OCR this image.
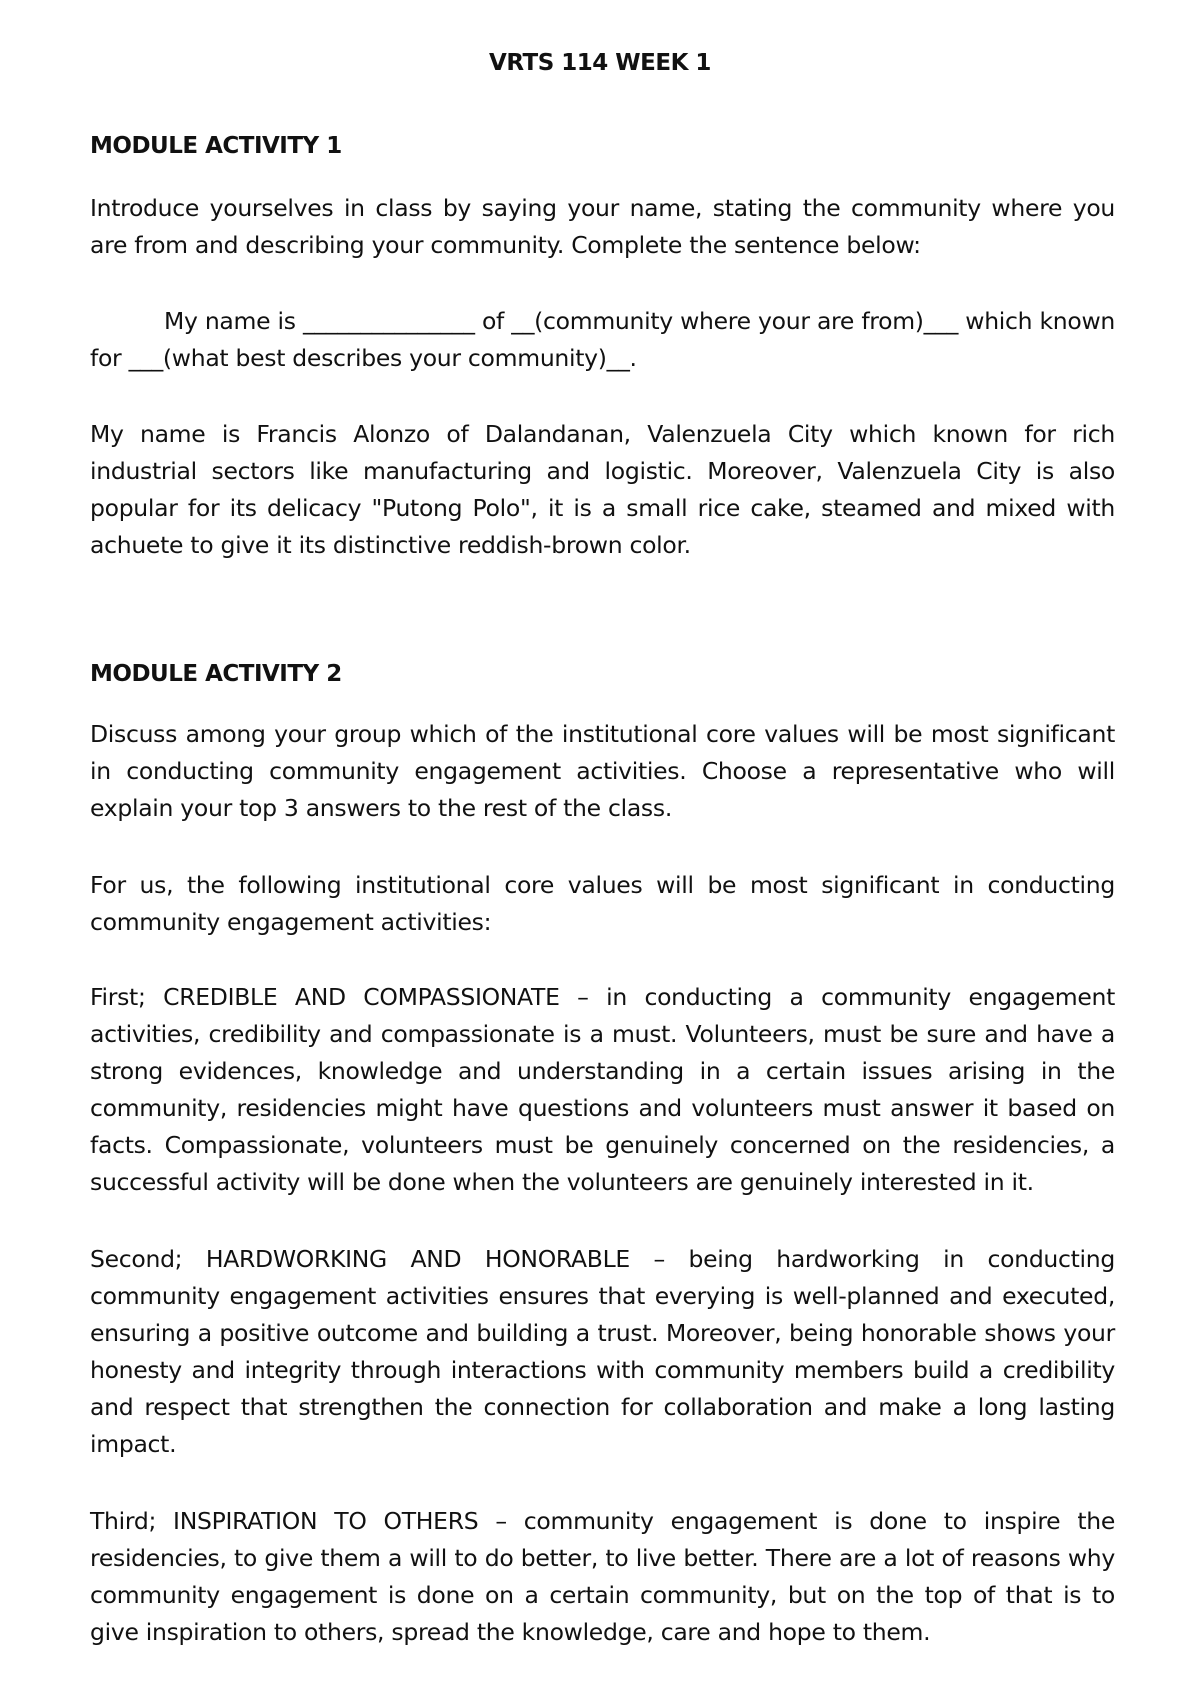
VRTS 114 WEEK 1
MODULE ACTIVITY 1
Introduce yourselves in class by saying your name, stating the community where you are from and describing your community. Complete the sentence below:
My name is _______________ of __(community where your are from)___ which known for ___(what best describes your community)__.
My name is Francis Alonzo of Dalandanan, Valenzuela City which known for rich industrial sectors like manufacturing and logistic. Moreover, Valenzuela City is also popular for its delicacy "Putong Polo", it is a small rice cake, steamed and mixed with achuete to give it its distinctive reddish-brown color.
MODULE ACTIVITY 2
Discuss among your group which of the institutional core values will be most significant in conducting community engagement activities. Choose a representative who will explain your top 3 answers to the rest of the class.
For us, the following institutional core values will be most significant in conducting community engagement activities:
First; CREDIBLE AND COMPASSIONATE – in conducting a community engagement activities, credibility and compassionate is a must. Volunteers, must be sure and have a strong evidences, knowledge and understanding in a certain issues arising in the community, residencies might have questions and volunteers must answer it based on facts. Compassionate, volunteers must be genuinely concerned on the residencies, a successful activity will be done when the volunteers are genuinely interested in it.
Second; HARDWORKING AND HONORABLE – being hardworking in conducting community engagement activities ensures that everying is well-planned and executed, ensuring a positive outcome and building a trust. Moreover, being honorable shows your honesty and integrity through interactions with community members build a credibility and respect that strengthen the connection for collaboration and make a long lasting impact.
Third; INSPIRATION TO OTHERS – community engagement is done to inspire the residencies, to give them a will to do better, to live better. There are a lot of reasons why community engagement is done on a certain community, but on the top of that is to give inspiration to others, spread the knowledge, care and hope to them.
